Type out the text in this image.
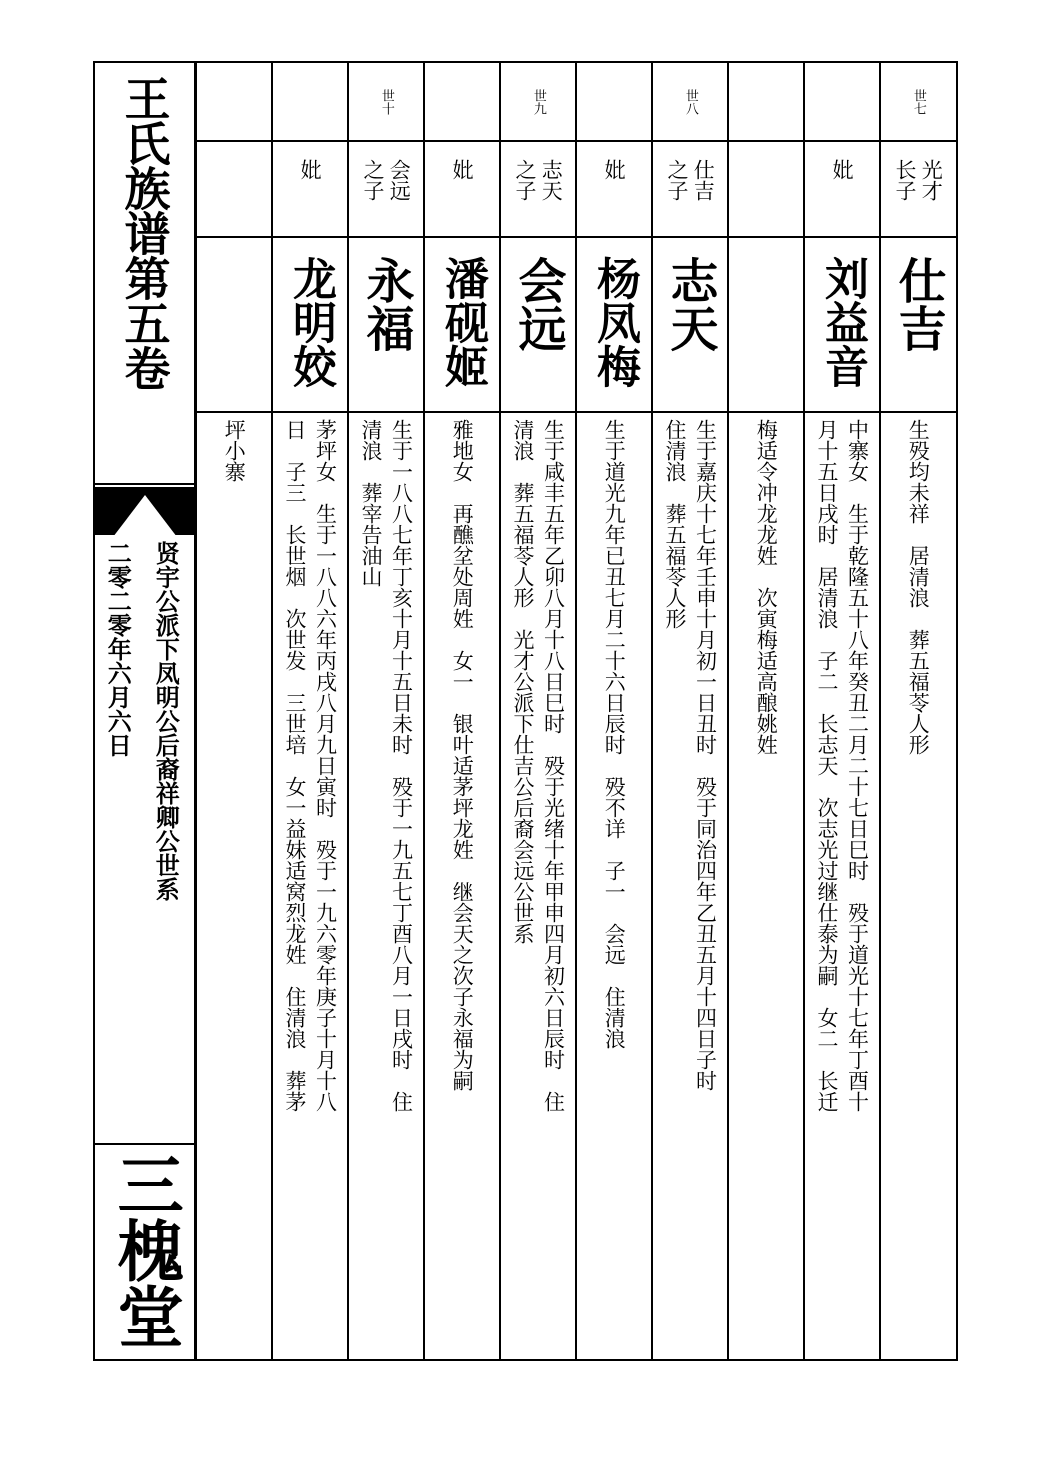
王氏族谱第五卷
贤宇公派下凤明公后裔祥卿公世系
二零二零年六月六日
三槐堂
坪小寨
妣
龙明姣
茅坪女　生于一八八六年丙戌八月九日寅时　殁于一九六零年庚子十月十八
日　子三　长世烟　次世发　三世培　女一益妹适窝烈龙姓　住清浪　葬茅
世十
会远
之子
永福
生于一八八七年丁亥十月十五日未时　殁于一九五七丁酉八月一日戌时　住
清浪　葬宰告油山
妣
潘砚姬
雅地女　再醮坌处周姓　女一　银叶适茅坪龙姓　继会天之次子永福为嗣
世九
志天
之子
会远
生于咸丰五年乙卯八月十八日巳时　殁于光绪十年甲申四月初六日辰时　住
清浪　葬五福苓人形　光才公派下仕吉公后裔会远公世系
妣
杨凤梅
生于道光九年已丑七月二十六日辰时　殁不详　子一　会远　住清浪
世八
仕吉
之子
志天
生于嘉庆十七年壬申十月初一日丑时　殁于同治四年乙丑五月十四日子时
住清浪　葬五福苓人形	梅适令冲龙龙姓　次寅梅适高酿姚姓
妣
刘益音
中寨女　生于乾隆五十八年癸丑二月二十七日巳时　殁于道光十七年丁酉十
月十五日戌时　居清浪　子二　长志天　次志光过继仕泰为嗣　女二　长迁
世七
光才
长子
仕吉
生殁均未祥　居清浪　葬五福苓人形
